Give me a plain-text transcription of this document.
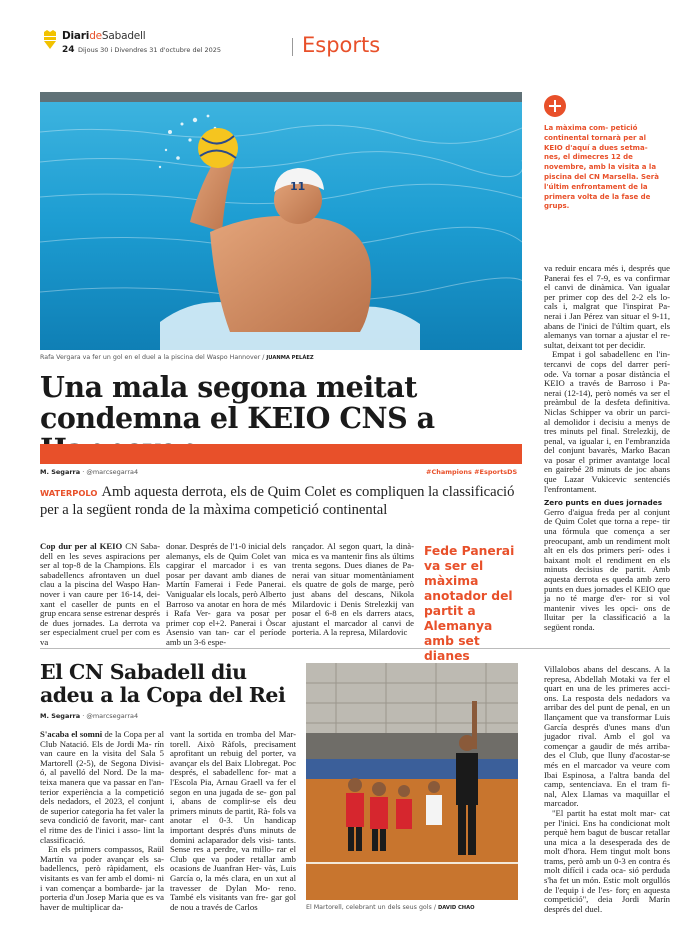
DiarideSabadell
24 Dijous 30 i Divendres 31 d'octubre del 2025	Esports
11
Rafa Vergara va fer un gol en el duel a la piscina del Waspo Hannover / JUANMA PELÁEZ
La màxima com- petició continental tornarà per al KEIO d'aquí a dues setma- nes, el dimecres 12 de novembre, amb la visita a la piscina del CN Marsella. Serà l'últim enfrontament de la primera volta de la fase de grups.

va reduir encara més i, després que Panerai fes el 7-9, es va confirmar el canvi de dinàmica. Van igualar per primer cop des del 2-2 els lo- cals i, malgrat que l'inspirat Pa- nerai i Jan Pérez van situar el 9-11, abans de l'inici de l'últim quart, els alemanys van tornar a ajustar el re- sultat, deixant tot per decidir.

Empat i gol sabadellenc en l'in- tercanvi de cops del darrer perí- ode. Va tornar a posar distància el KEIO a través de Barroso i Pa- nerai (12-14), però només va ser el preàmbul de la desfeta definitiva. Niclas Schipper va obrir un parci- al demolidor i decisiu a menys de tres minuts pel final. Strelezkij, de penal, va igualar i, en l'embranzida del conjunt bavarès, Marko Bacan va posar el primer avantatge local en gairebé 28 minuts de joc abans que Lazar Vukicevic sentenciés l'enfrontament.

Zero punts en dues jornades

Gerro d'aigua freda per al conjunt de Quim Colet que torna a repe- tir una fórmula que comença a ser preocupant, amb un rendiment molt alt en els dos primers perí- odes i baixant molt el rendiment en els minuts decisius de partit. Amb aquesta derrota es queda amb zero punts en dues jornades el KEIO que ja no té marge d'er- ror si vol mantenir vives les opci- ons de lluitar per la classificació a la següent ronda.

Una mala segona meitat condemna el KEIO CNS a
M. Segarra · @marcsegarra4	#Champions #EsportsDS
WATERPOLO Amb aquesta derrota, els de Quim Colet es compliquen la classificació per a la següent ronda de la màxima competició continental

Cop dur per al KEIO CN Saba- dell en les seves aspiracions per ser al top-8 de la Champions. Els sabadellencs afrontaven un duel clau a la piscina del Waspo Han- nover i van caure per 16-14, dei- xant el caseller de punts en el grup encara sense estrenar després de dues jornades. La derrota va ser especialment cruel per com es va

donar. Després de l'1-0 inicial dels alemanys, els de Quim Colet van capgirar el marcador i es van posar per davant amb dianes de Martín Famerai i Fede Panerai. Vanigualar els locals, però Alberto Barroso va anotar en hora de més i Rafa Ver- gara va posar per primer cop el+2. Panerai i Òscar Asensio van tan- car el període amb un 3-6 espe-

rançador. Al segon quart, la dinà- mica es va mantenir fins als últims trenta segons. Dues dianes de Pa- nerai van situar momentàniament els quatre de gols de marge, però just abans del descans, Nikola Milardovic i Denis Strelezkij van posar el 6-8 en els darrers atacs, ajustant el marcador al canvi de porteria. A la represa, Milardovic

Fede Panerai va ser el màxima anotador del partit a Alemanya amb set dianes
El CN Sabadell diu adeu a la Copa del Rei
M. Segarra · @marcsegarra4

S'acaba el somni de la Copa per al Club Natació. Els de Jordi Ma- rín van caure en la visita del Sala 5 Martorell (2-5), de Segona Divisi- ó, al pavelló del Nord. De la ma- teixa manera que va passar en l'an- terior experiència a la competició dels nedadors, el 2023, el conjunt de superior categoria ha fet valer la seva condició de favorit, mar- cant el ritme des de l'inici i asso- lint la classificació.

En els primers compassos, Raül Martín va poder avançar els sa- badellencs, però ràpidament, els visitants es van fer amb el domi- ni i van començar a bombarde- jar la porteria d'un Josep Maria que es va haver de multiplicar da-

vant la sortida en tromba del Mar- torell. Això Ràfols, precisament aprofitant un rebuig del porter, va avançar els del Baix Llobregat. Poc després, el sabadellenc for- mat a l'Escola Pia, Arnau Graell va fer el segon en una jugada de se- gon pal i, abans de complir-se els deu primers minuts de partit, Rà- fols va anotar el 0-3. Un handicap important després d'uns minuts de domini aclaparador dels visi- tants. Sense res a perdre, va millo- rar el Club que va poder retallar amb ocasions de Juanfran Her- vàs, Luis García o, la més clara, en un xut al travesser de Dylan Mo- reno. També els visitants van fre- gar gol de nou a través de Carlos	El Martorell, celebrant un dels seus gols / DAVID CHAO

Villalobos abans del descans. A la represa, Abdellah Motaki va fer el quart en una de les primeres acci- ons. La resposta dels nedadors va arribar des del punt de penal, en un llançament que va transformar Luis García després d'unes mans d'un jugador rival. Amb el gol va començar a gaudir de més arriba- des el Club, que lluny d'acostar-se més en el marcador va veure com Ibai Espinosa, a l'altra banda del camp, sentenciava. En el tram fi- nal, Alex Llamas va maquillar el marcador.

"El partit ha estat molt mar- cat per l'inici. Ens ha condicionat molt perquè hem bagut de buscar retallar una mica a la desesperada des de molt d'hora. Hem tingut molt bons trams, però amb un 0-3 en contra és molt difícil i cada oca- sió perduda s'ha fet un món. Estic molt orgullós de l'equip i de l'es- forç en aquesta competició", deia Jordi Marín després del duel.
